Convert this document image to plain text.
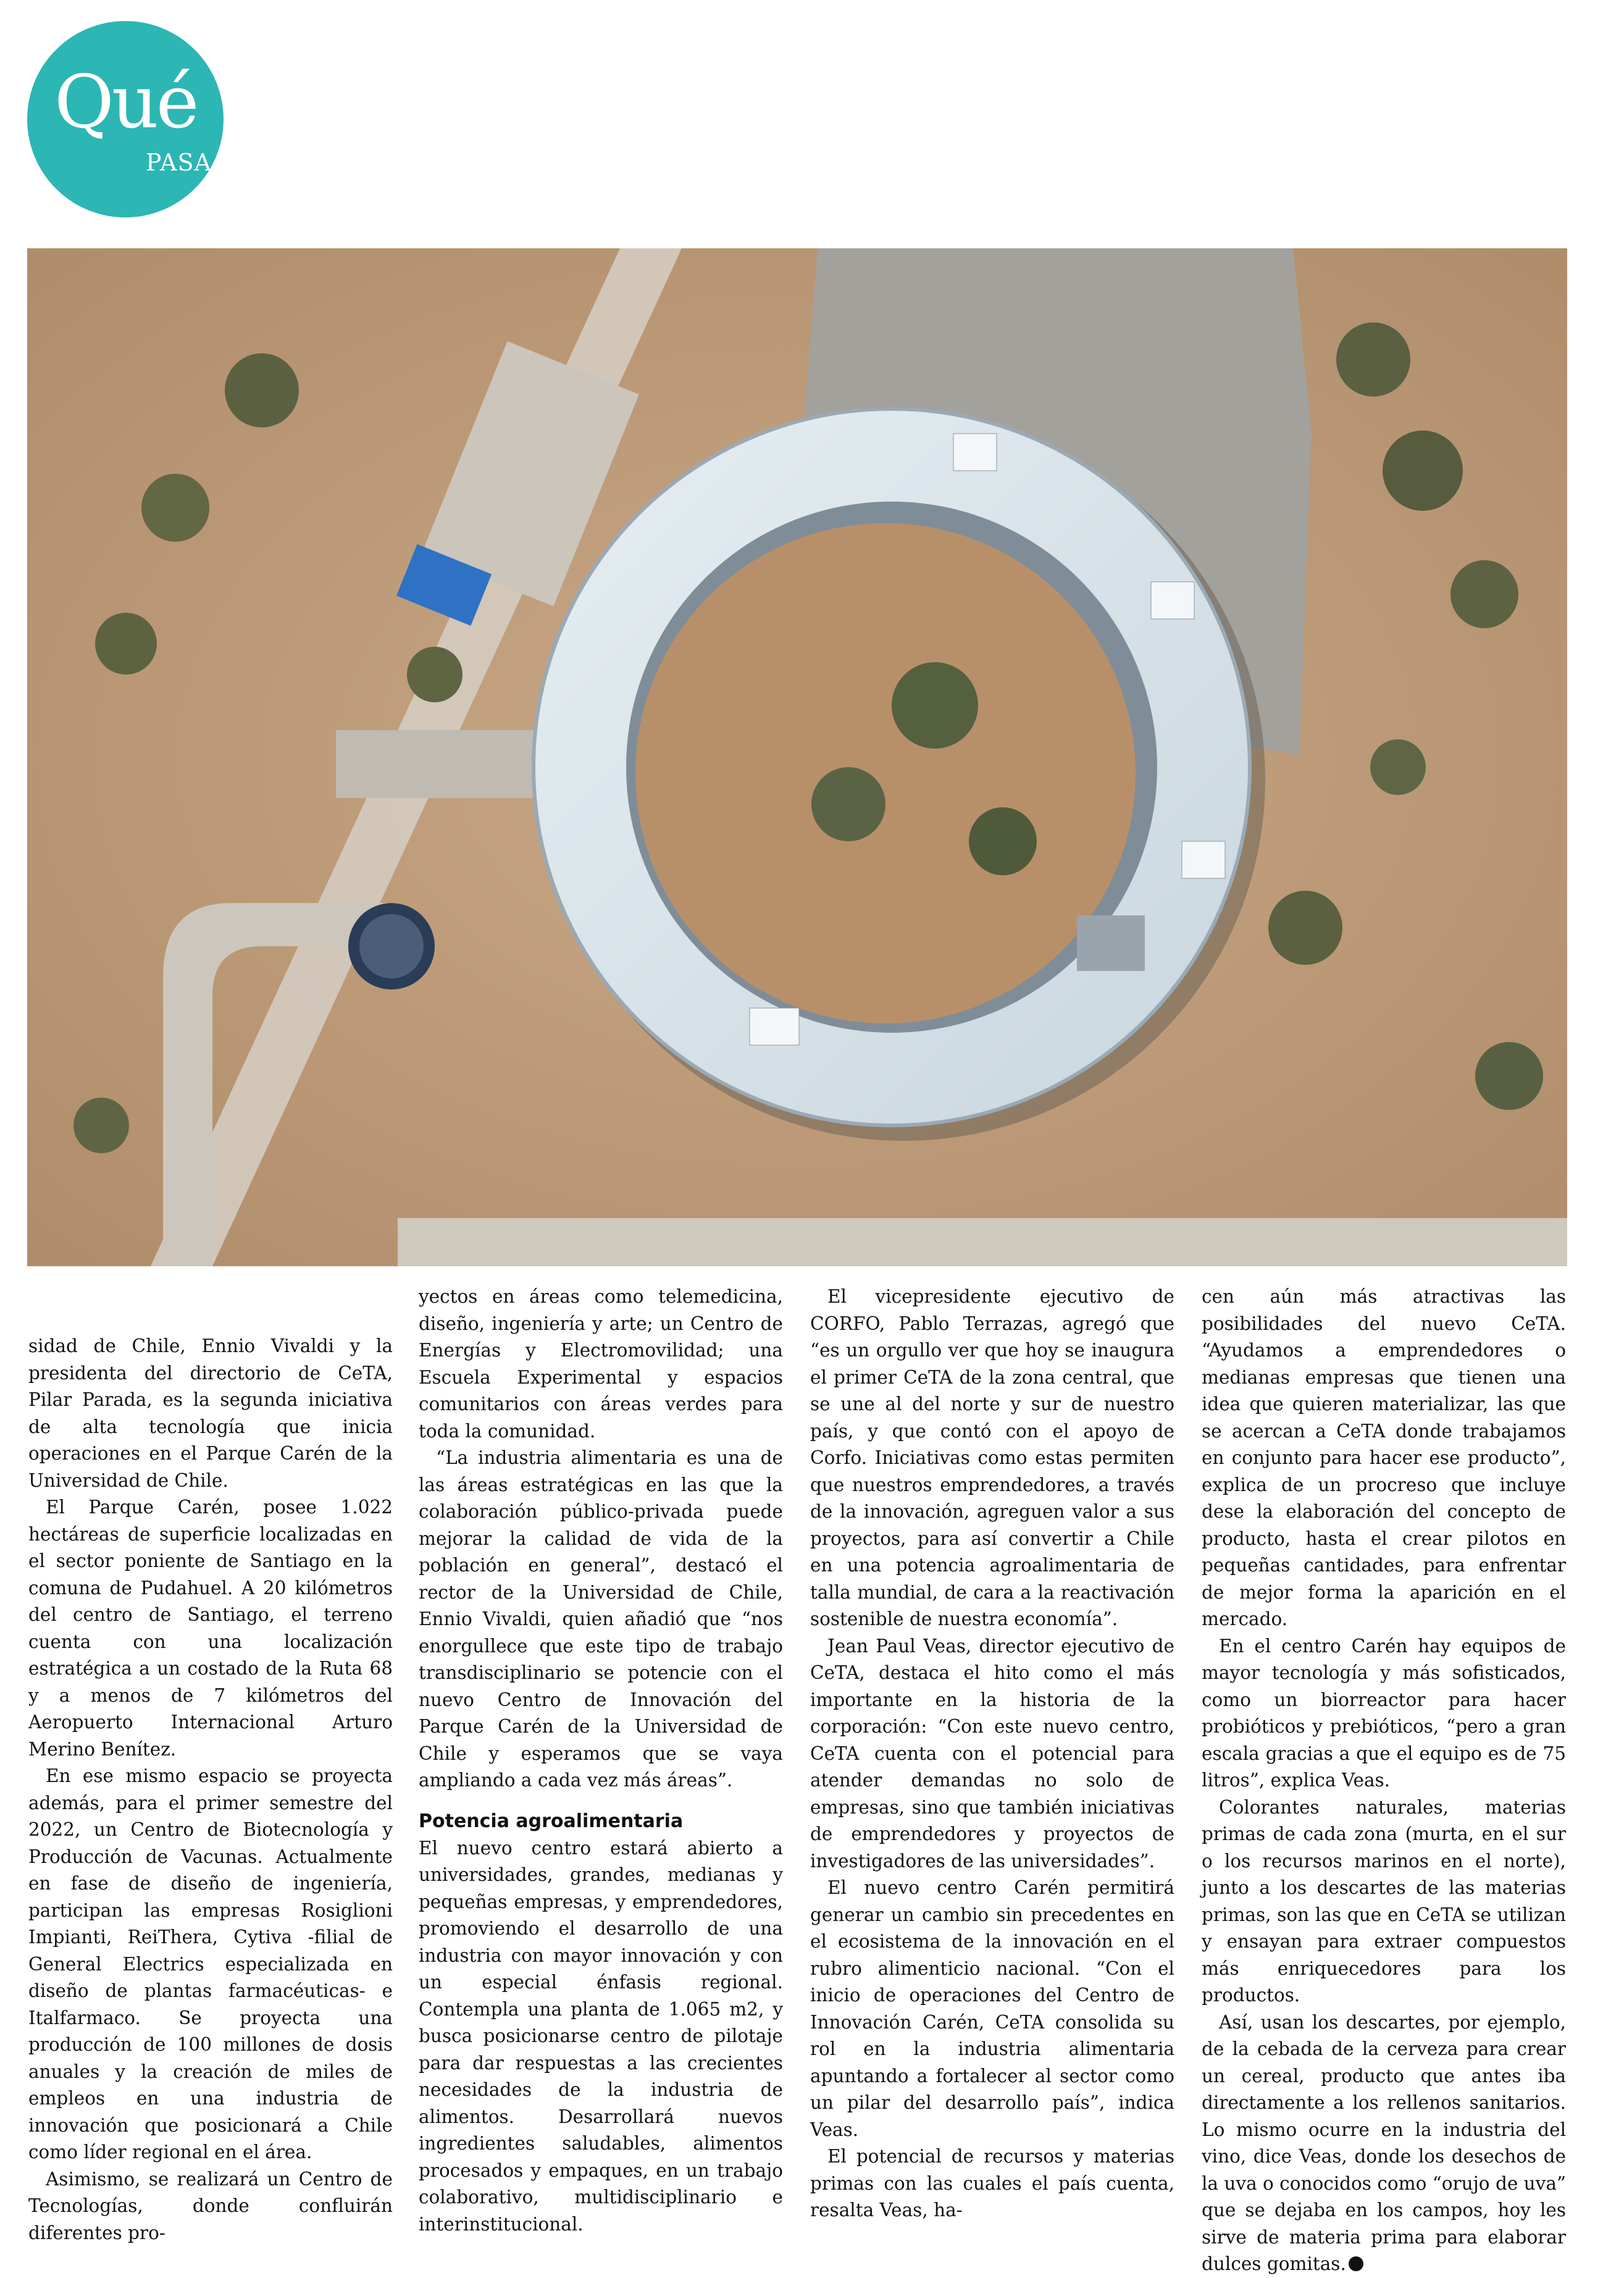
Qué
PASA

sidad de Chile, Ennio Vivaldi y la presidenta del directorio de CeTA, Pilar Parada, es la segunda iniciativa de alta tecnología que inicia operaciones en el Parque Carén de la Universidad de Chile.

El Parque Carén, posee 1.022 hectáreas de superficie localizadas en el sector poniente de Santiago en la comuna de Pudahuel. A 20 kilómetros del centro de Santiago, el terreno cuenta con una localización estratégica a un costado de la Ruta 68 y a menos de 7 kilómetros del Aeropuerto Internacional Arturo Merino Benítez.

En ese mismo espacio se proyecta además, para el primer semestre del 2022, un Centro de Biotecnología y Producción de Vacunas. Actualmente en fase de diseño de ingeniería, participan las empresas Rosiglioni Impianti, ReiThera, Cytiva -filial de General Electrics especializada en diseño de plantas farmacéuticas- e Italfarmaco. Se proyecta una producción de 100 millones de dosis anuales y la creación de miles de empleos en una industria de innovación que posicionará a Chile como líder regional en el área.

Asimismo, se realizará un Centro de Tecnologías, donde confluirán diferentes pro-

yectos en áreas como telemedicina, diseño, ingeniería y arte; un Centro de Energías y Electromovilidad; una Escuela Experimental y espacios comunitarios con áreas verdes para toda la comunidad.

“La industria alimentaria es una de las áreas estratégicas en las que la colaboración público-privada puede mejorar la calidad de vida de la población en general”, destacó el rector de la Universidad de Chile, Ennio Vivaldi, quien añadió que “nos enorgullece que este tipo de trabajo transdisciplinario se potencie con el nuevo Centro de Innovación del Parque Carén de la Universidad de Chile y esperamos que se vaya ampliando a cada vez más áreas”.

Potencia agroalimentaria

El nuevo centro estará abierto a universidades, grandes, medianas y pequeñas empresas, y emprendedores, promoviendo el desarrollo de una industria con mayor innovación y con un especial énfasis regional. Contempla una planta de 1.065 m2, y busca posicionarse centro de pilotaje para dar respuestas a las crecientes necesidades de la industria de alimentos. Desarrollará nuevos ingredientes saludables, alimentos procesados y empaques, en un trabajo colaborativo, multidisciplinario e interinstitucional.

El vicepresidente ejecutivo de CORFO, Pablo Terrazas, agregó que “es un orgullo ver que hoy se inaugura el primer CeTA de la zona central, que se une al del norte y sur de nuestro país, y que contó con el apoyo de Corfo. Iniciativas como estas permiten que nuestros emprendedores, a través de la innovación, agreguen valor a sus proyectos, para así convertir a Chile en una potencia agroalimentaria de talla mundial, de cara a la reactivación sostenible de nuestra economía”.

Jean Paul Veas, director ejecutivo de CeTA, destaca el hito como el más importante en la historia de la corporación: “Con este nuevo centro, CeTA cuenta con el potencial para atender demandas no solo de empresas, sino que también iniciativas de emprendedores y proyectos de investigadores de las universidades”.

El nuevo centro Carén permitirá generar un cambio sin precedentes en el ecosistema de la innovación en el rubro alimenticio nacional. “Con el inicio de operaciones del Centro de Innovación Carén, CeTA consolida su rol en la industria alimentaria apuntando a fortalecer al sector como un pilar del desarrollo país”, indica Veas.

El potencial de recursos y materias primas con las cuales el país cuenta, resalta Veas, ha-

cen aún más atractivas las posibilidades del nuevo CeTA. “Ayudamos a emprendedores o medianas empresas que tienen una idea que quieren materializar, las que se acercan a CeTA donde trabajamos en conjunto para hacer ese producto”, explica de un procreso que incluye dese la elaboración del concepto de producto, hasta el crear pilotos en pequeñas cantidades, para enfrentar de mejor forma la aparición en el mercado.

En el centro Carén hay equipos de mayor tecnología y más sofisticados, como un biorreactor para hacer probióticos y prebióticos, “pero a gran escala gracias a que el equipo es de 75 litros”, explica Veas.

Colorantes naturales, materias primas de cada zona (murta, en el sur o los recursos marinos en el norte), junto a los descartes de las materias primas, son las que en CeTA se utilizan y ensayan para extraer compuestos más enriquecedores para los productos.

Así, usan los descartes, por ejemplo, de la cebada de la cerveza para crear un cereal, producto que antes iba directamente a los rellenos sanitarios. Lo mismo ocurre en la industria del vino, dice Veas, donde los desechos de la uva o conocidos como “orujo de uva” que se dejaba en los campos, hoy les sirve de materia prima para elaborar dulces gomitas.
